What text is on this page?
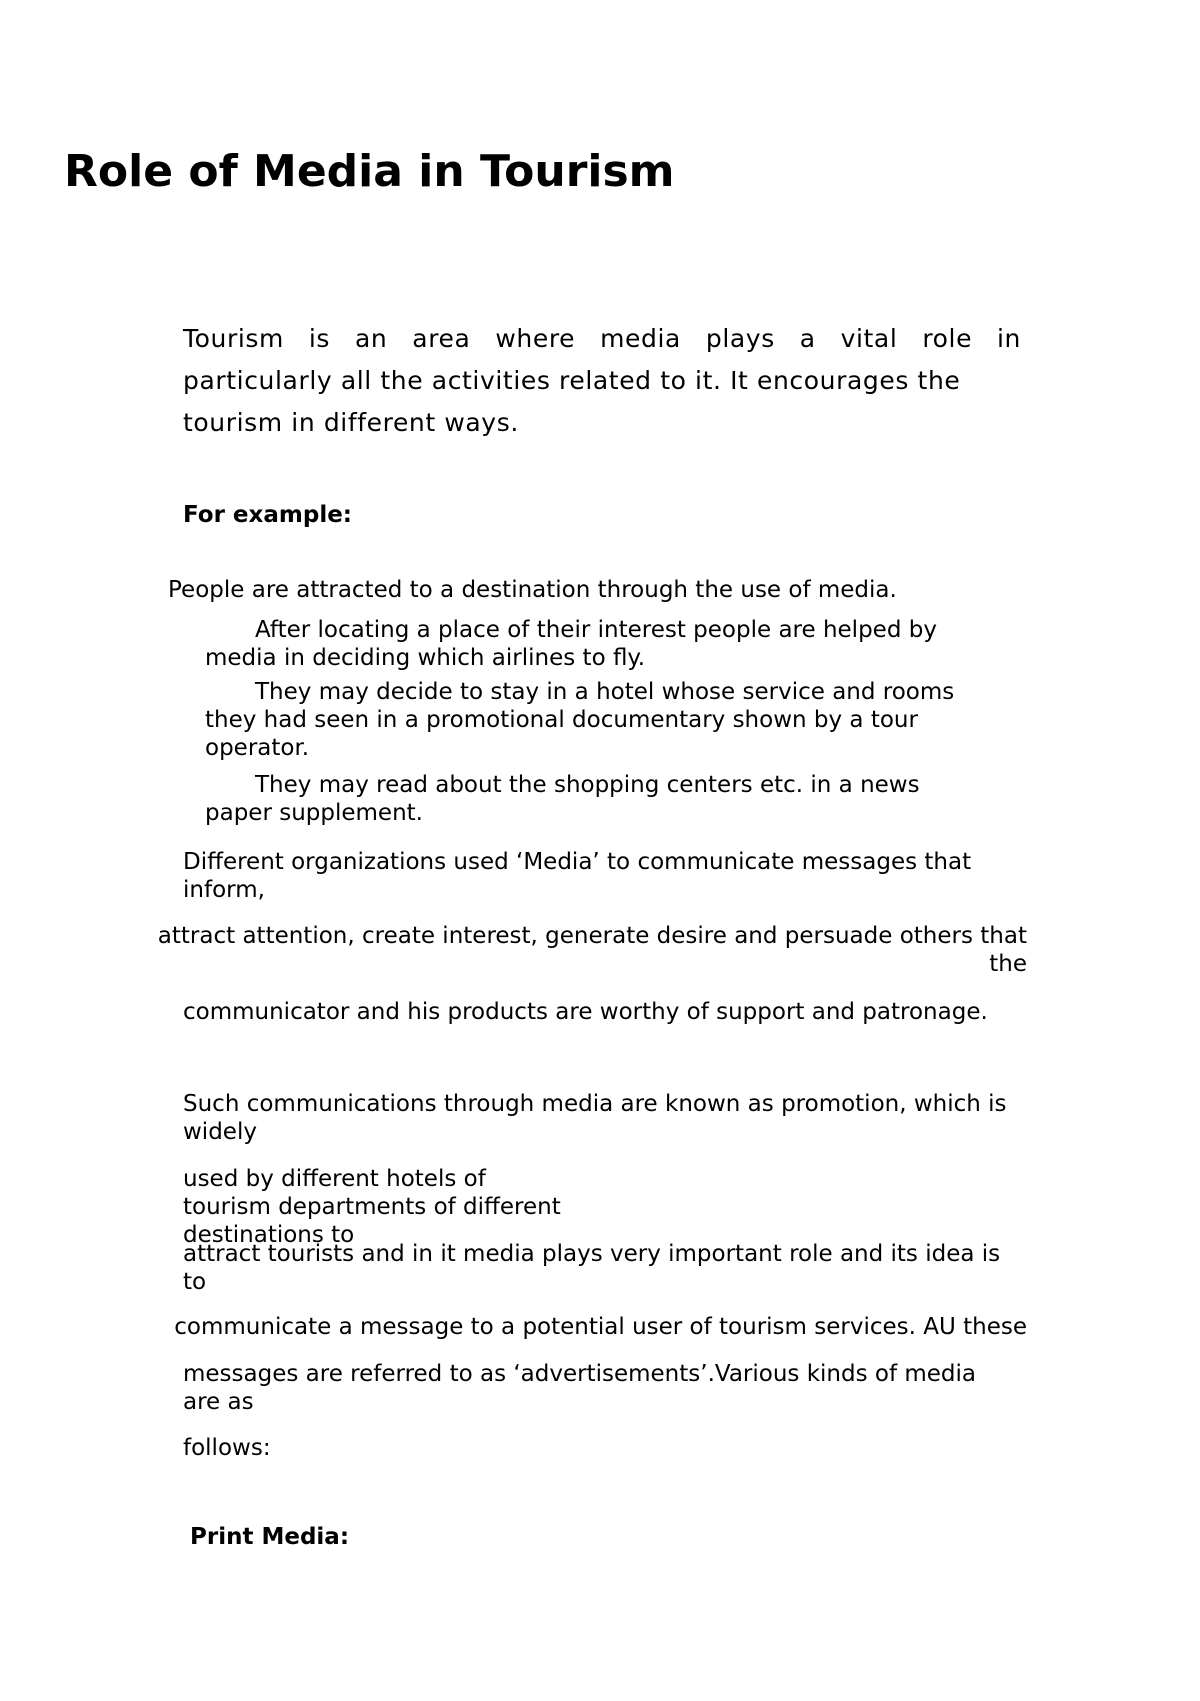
Role of Media in Tourism
Tourism is an area where media plays a vital role in
particularly all the activities related to it. It encourages the
tourism in different ways.
For example:
People are attracted to a destination through the use of media.
After locating a place of their interest people are helped by
media in deciding which airlines to fly.
They may decide to stay in a hotel whose service and rooms
they had seen in a promotional documentary shown by a tour
operator.
They may read about the shopping centers etc. in a news
paper supplement.
Different organizations used ‘Media’ to communicate messages that
inform,
attract attention, create interest, generate desire and persuade others that
the
communicator and his products are worthy of support and patronage.
Such communications through media are known as promotion, which is
widely
used by different hotels of
tourism departments of different
destinations to
attract tourists and in it media plays very important role and its idea is
to
communicate a message to a potential user of tourism services. AU these
messages are referred to as ‘advertisements’.Various kinds of media
are as
follows:
Print Media:
